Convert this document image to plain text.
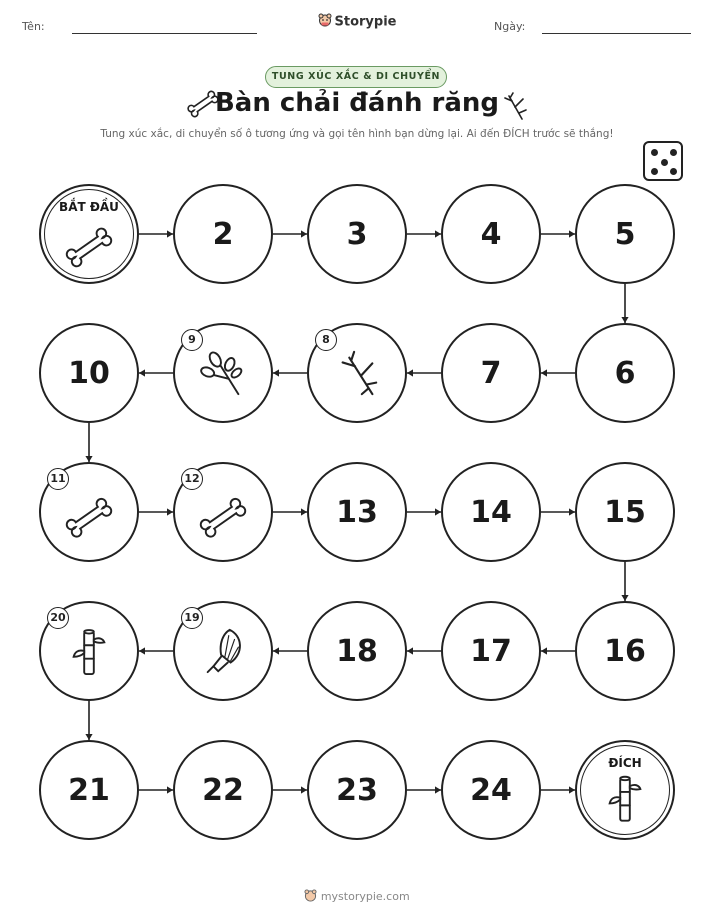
Tên:	Storypie	Ngày:
TUNG XÚC XẮC & DI CHUYỂN
Bàn chải đánh răng
Tung xúc xắc, di chuyển số ô tương ứng và gọi tên hình bạn dừng lại. Ai đến ĐÍCH trước sẽ thắng!
BẮT ĐẦU
2	3	4	5
6
7
8
9
10
11	12
13	14	15
16
17
18
19
20
21	22	23	24
ĐÍCH
mystorypie.com
